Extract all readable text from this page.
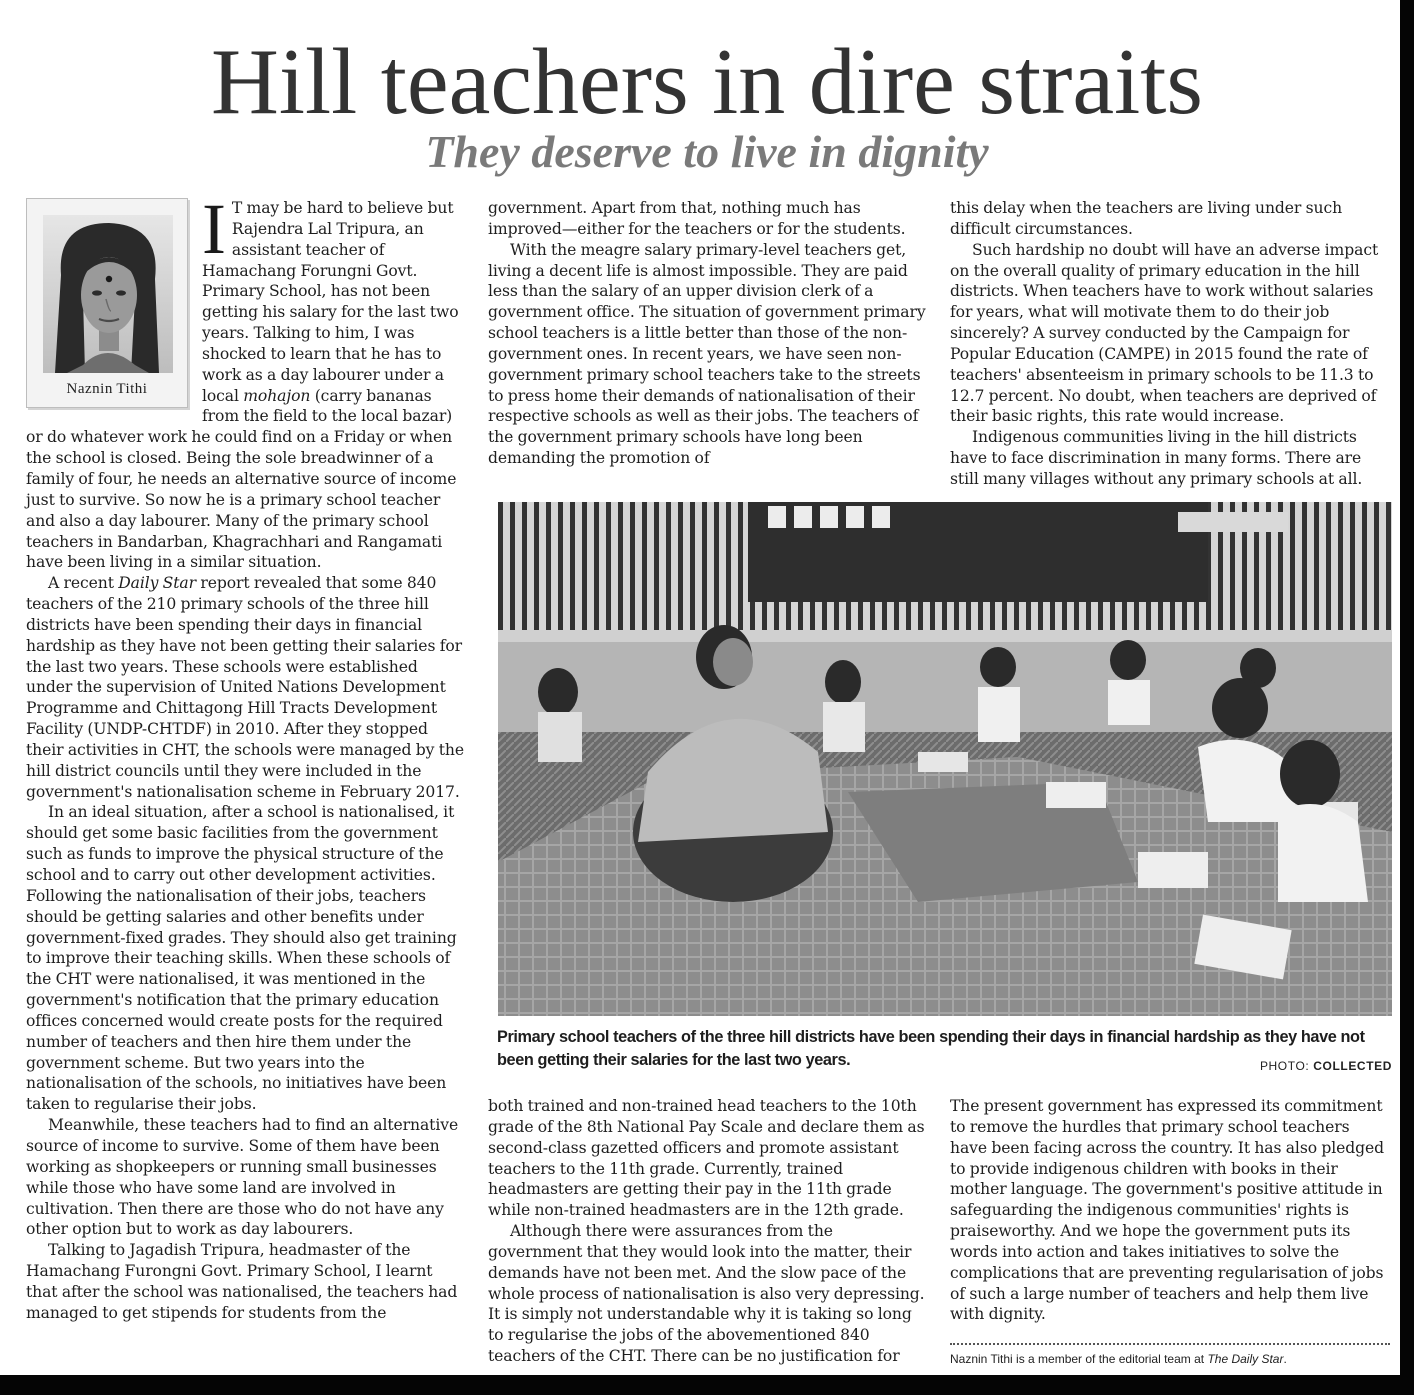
Hill teachers in dire straits
They deserve to live in dignity
Naznin Tithi

I T may be hard to believe but Rajendra Lal Tripura, an assistant teacher of Hamachang Forungni Govt. Primary School, has not been getting his salary for the last two years. Talking to him, I was shocked to learn that he has to work as a day labourer under a local mohajon (carry bananas from the field to the local bazar) or do whatever work he could find on a Friday or when the school is closed. Being the sole breadwinner of a family of four, he needs an alternative source of income just to survive. So now he is a primary school teacher and also a day labourer. Many of the primary school teachers in Bandarban, Khagrachhari and Rangamati have been living in a similar situation.

A recent Daily Star report revealed that some 840 teachers of the 210 primary schools of the three hill districts have been spending their days in financial hardship as they have not been getting their salaries for the last two years. These schools were established under the supervision of United Nations Development Programme and Chittagong Hill Tracts Development Facility (UNDP-CHTDF) in 2010. After they stopped their activities in CHT, the schools were managed by the hill district councils until they were included in the government's nationalisation scheme in February 2017.

In an ideal situation, after a school is nationalised, it should get some basic facilities from the government such as funds to improve the physical structure of the school and to carry out other development activities. Following the nationalisation of their jobs, teachers should be getting salaries and other benefits under government-fixed grades. They should also get training to improve their teaching skills. When these schools of the CHT were nationalised, it was mentioned in the government's notification that the primary education offices concerned would create posts for the required number of teachers and then hire them under the government scheme. But two years into the nationalisation of the schools, no initiatives have been taken to regularise their jobs.

Meanwhile, these teachers had to find an alternative source of income to survive. Some of them have been working as shopkeepers or running small businesses while those who have some land are involved in cultivation. Then there are those who do not have any other option but to work as day labourers.

Talking to Jagadish Tripura, headmaster of the Hamachang Furongni Govt. Primary School, I learnt that after the school was nationalised, the teachers had managed to get stipends for students from the

government. Apart from that, nothing much has improved—either for the teachers or for the students.

With the meagre salary primary-level teachers get, living a decent life is almost impossible. They are paid less than the salary of an upper division clerk of a government office. The situation of government primary school teachers is a little better than those of the non-government ones. In recent years, we have seen non-government primary school teachers take to the streets to press home their demands of nationalisation of their respective schools as well as their jobs. The teachers of the government primary schools have long been demanding the promotion of

this delay when the teachers are living under such difficult circumstances.

Such hardship no doubt will have an adverse impact on the overall quality of primary education in the hill districts. When teachers have to work without salaries for years, what will motivate them to do their job sincerely? A survey conducted by the Campaign for Popular Education (CAMPE) in 2015 found the rate of teachers' absenteeism in primary schools to be 11.3 to 12.7 percent. No doubt, when teachers are deprived of their basic rights, this rate would increase.

Indigenous communities living in the hill districts have to face discrimination in many forms. There are still many villages without any primary schools at all.

Primary school teachers of the three hill districts have been spending their days in financial hardship as they have not been getting their salaries for the last two years.	PHOTO: COLLECTED

both trained and non-trained head teachers to the 10th grade of the 8th National Pay Scale and declare them as second-class gazetted officers and promote assistant teachers to the 11th grade. Currently, trained headmasters are getting their pay in the 11th grade while non-trained headmasters are in the 12th grade.

Although there were assurances from the government that they would look into the matter, their demands have not been met. And the slow pace of the whole process of nationalisation is also very depressing. It is simply not understandable why it is taking so long to regularise the jobs of the abovementioned 840 teachers of the CHT. There can be no justification for

The present government has expressed its commitment to remove the hurdles that primary school teachers have been facing across the country. It has also pledged to provide indigenous children with books in their mother language. The government's positive attitude in safeguarding the indigenous communities' rights is praiseworthy. And we hope the government puts its words into action and takes initiatives to solve the complications that are preventing regularisation of jobs of such a large number of teachers and help them live with dignity.

Naznin Tithi is a member of the editorial team at The Daily Star.
